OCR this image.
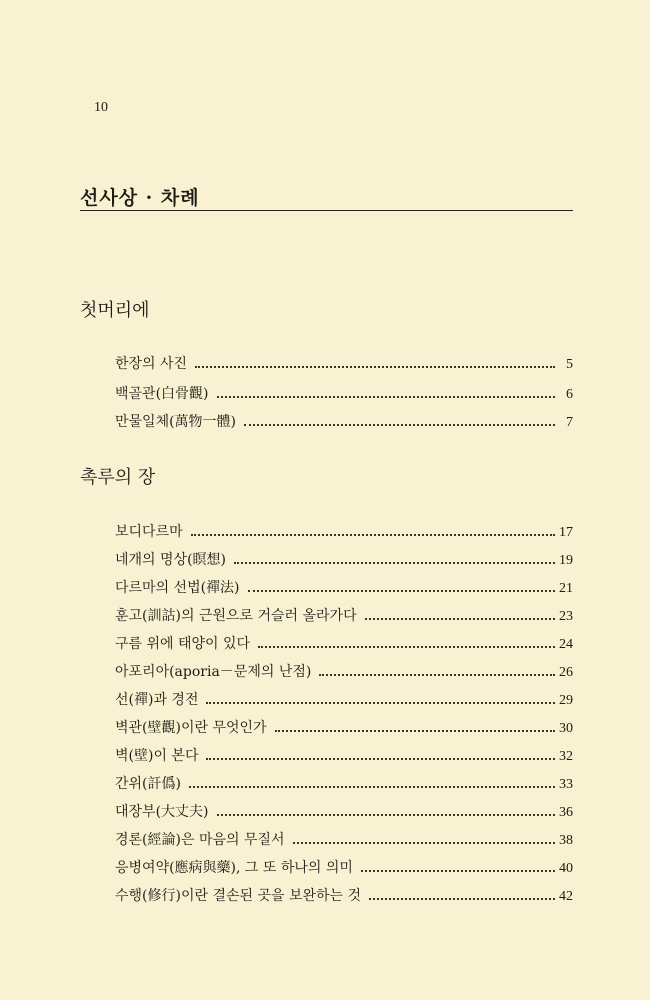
10
선사상 · 차례
첫머리에
한장의 사진	5
백골관(白骨觀)	6
만물일체(萬物一體)	7
촉루의 장
보디다르마	17
네개의 명상(瞑想)	19
다르마의 선법(禪法)	21
훈고(訓詁)의 근원으로 거슬러 올라가다	23
구름 위에 태양이 있다	24
아포리아(aporia－문제의 난점)	26
선(禪)과 경전	29
벽관(壁觀)이란 무엇인가	30
벽(壁)이 본다	32
간위(訐僞)	33
대장부(大丈夫)	36
경론(經論)은 마음의 무질서	38
응병여약(應病與藥), 그 또 하나의 의미	40
수행(修行)이란 결손된 곳을 보완하는 것	42
